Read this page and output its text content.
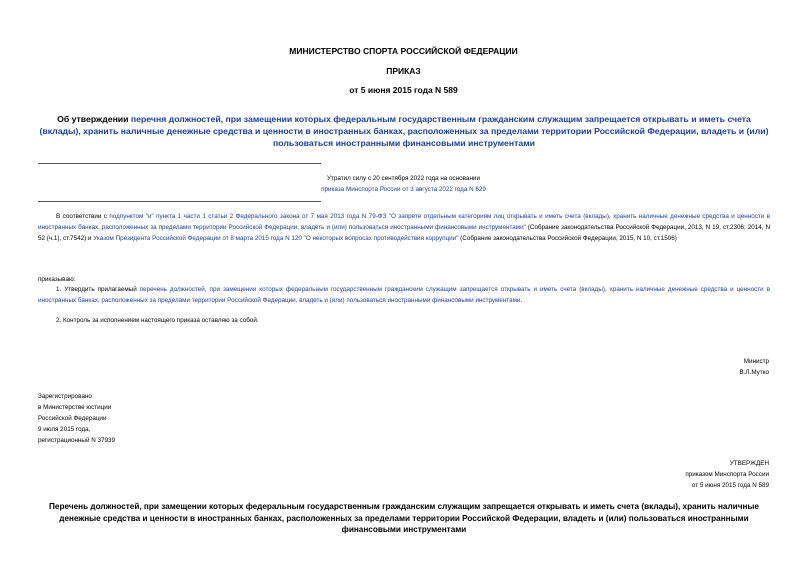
МИНИСТЕРСТВО СПОРТА РОССИЙСКОЙ ФЕДЕРАЦИИ
ПРИКАЗ
от 5 июня 2015 года N 589
Об утверждении перечня должностей, при замещении которых федеральным государственным гражданским служащим запрещается открывать и иметь счета (вклады), хранить наличные денежные средства и ценности в иностранных банках, расположенных за пределами территории Российской Федерации, владеть и (или) пользоваться иностранными финансовыми инструментами
Утратил силу с 20 сентября 2022 года на основании
приказа Минспорта России от 3 августа 2022 года N 629
В соответствии с подпунктом "и" пункта 1 части 1 статьи 2 Федерального закона от 7 мая 2013 года N 79-ФЗ "О запрете отдельным категориям лиц открывать и иметь счета (вклады), хранить наличные денежные средства и ценности в иностранных банках, расположенных за пределами территории Российской Федерации, владеть и (или) пользоваться иностранными финансовыми инструментами" (Собрание законодательства Российской Федерации, 2013, N 19, ст.2306; 2014, N 52 (ч.1), ст.7542) и Указом Президента Российской Федерации от 8 марта 2015 года N 120 "О некоторых вопросах противодействия коррупции" (Собрание законодательства Российской Федерации, 2015, N 10, ст.1506)
приказываю:
1. Утвердить прилагаемый перечень должностей, при замещении которых федеральным государственным гражданским служащим запрещается открывать и иметь счета (вклады), хранить наличные денежные средства и ценности в иностранных банках, расположенных за пределами территории Российской Федерации, владеть и (или) пользоваться иностранными финансовыми инструментами.
2. Контроль за исполнением настоящего приказа оставляю за собой.
Министр
В.Л.Мутко
Зарегистрировано
в Министерстве юстиции
Российской Федерации
9 июля 2015 года,
регистрационный N 37939
УТВЕРЖДЕН
приказом Минспорта России
от 5 июня 2015 года N 589
Перечень должностей, при замещении которых федеральным государственным гражданским служащим запрещается открывать и иметь счета (вклады), хранить наличные денежные средства и ценности в иностранных банках, расположенных за пределами территории Российской Федерации, владеть и (или) пользоваться иностранными финансовыми инструментами
